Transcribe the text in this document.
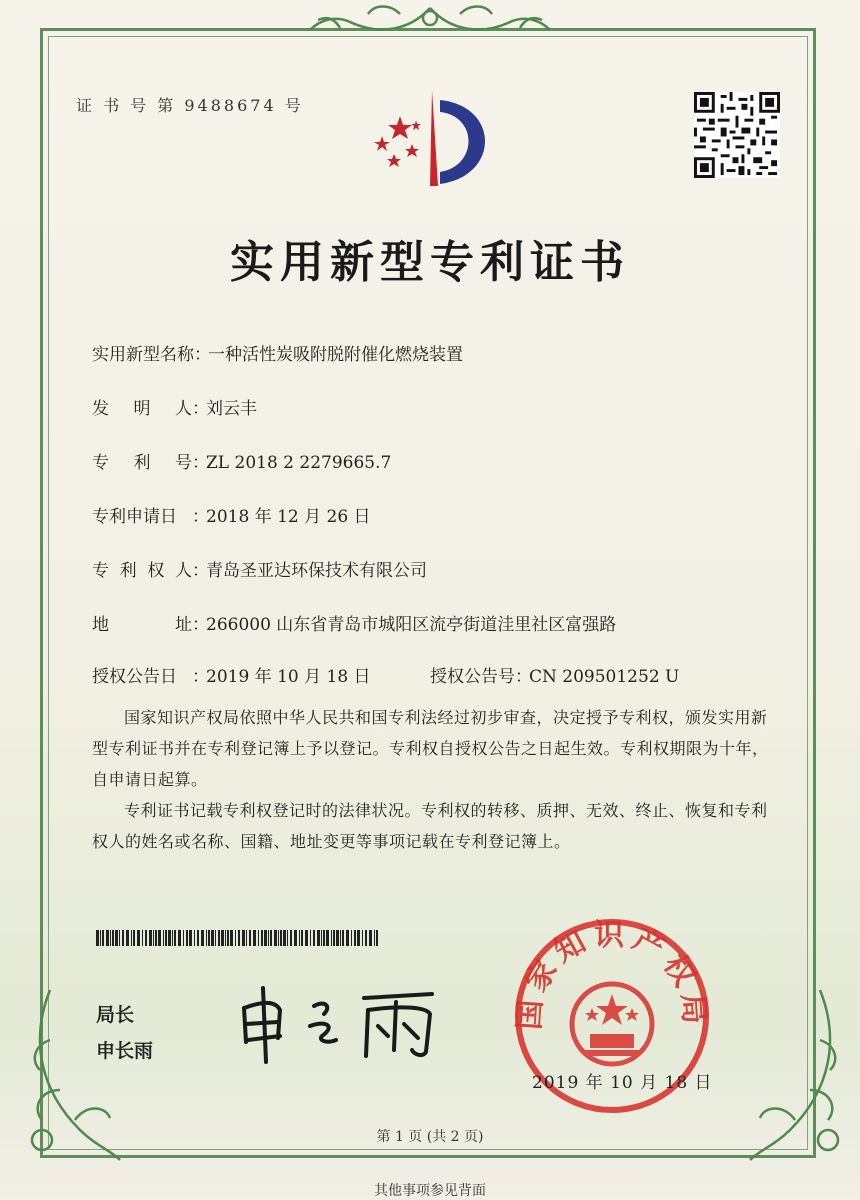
证 书 号 第 9488674 号
实用新型专利证书
实用新型名称：一种活性炭吸附脱附催化燃烧装置
发 明 人 ：刘云丰
专 利 号 ：ZL 2018 2 2279665.7
专利申请日 ：2018 年 12 月 26 日
专 利 权 人 ：青岛圣亚达环保技术有限公司
地	址 ：266000 山东省青岛市城阳区流亭街道洼里社区富强路
授权公告日 ：2019 年 10 月 18 日	授权公告号：CN 209501252 U
国家知识产权局依照中华人民共和国专利法经过初步审查，决定授予专利权，颁发实用新型专利证书并在专利登记簿上予以登记。专利权自授权公告之日起生效。专利权期限为十年，自申请日起算。
专利证书记载专利权登记时的法律状况。专利权的转移、质押、无效、终止、恢复和专利权人的姓名或名称、国籍、地址变更等事项记载在专利登记簿上。
局长
申长雨
国家知识产权局
2019 年 10 月 18 日
第 1 页 (共 2 页)
其他事项参见背面
